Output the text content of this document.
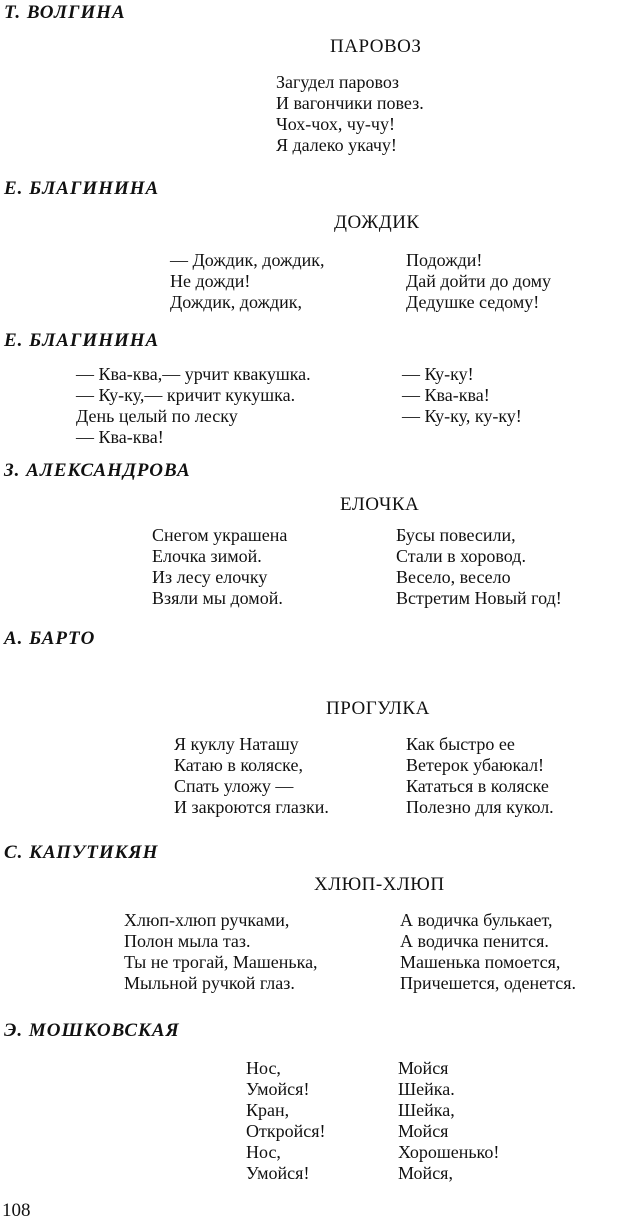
Т. ВОЛГИНА
ПАРОВОЗ
Загудел паровоз
И вагончики повез.
Чох-чох, чу-чу!
Я далеко укачу!
Е. БЛАГИНИНА
ДОЖДИК
— Дождик, дождик,
Не дожди!
Дождик, дождик,
Подожди!
Дай дойти до дому
Дедушке седому!
Е. БЛАГИНИНА
— Ква-ква,— урчит квакушка.
— Ку-ку,— кричит кукушка.
День целый по леску
— Ква-ква!
— Ку-ку!
— Ква-ква!
— Ку-ку, ку-ку!
З. АЛЕКСАНДРОВА
ЕЛОЧКА
Снегом украшена
Елочка зимой.
Из лесу елочку
Взяли мы домой.
Бусы повесили,
Стали в хоровод.
Весело, весело
Встретим Новый год!
А. БАРТО
ПРОГУЛКА
Я куклу Наташу
Катаю в коляске,
Спать уложу —
И закроются глазки.
Как быстро ее
Ветерок убаюкал!
Кататься в коляске
Полезно для кукол.
С. КАПУТИКЯН
ХЛЮП-ХЛЮП
Хлюп-хлюп ручками,
Полон мыла таз.
Ты не трогай, Машенька,
Мыльной ручкой глаз.
А водичка булькает,
А водичка пенится.
Машенька помоется,
Причешется, оденется.
Э. МОШКОВСКАЯ
Нос,
Умойся!
Кран,
Откройся!
Нос,
Умойся!
Мойся
Шейка.
Шейка,
Мойся
Хорошенько!
Мойся,
108
